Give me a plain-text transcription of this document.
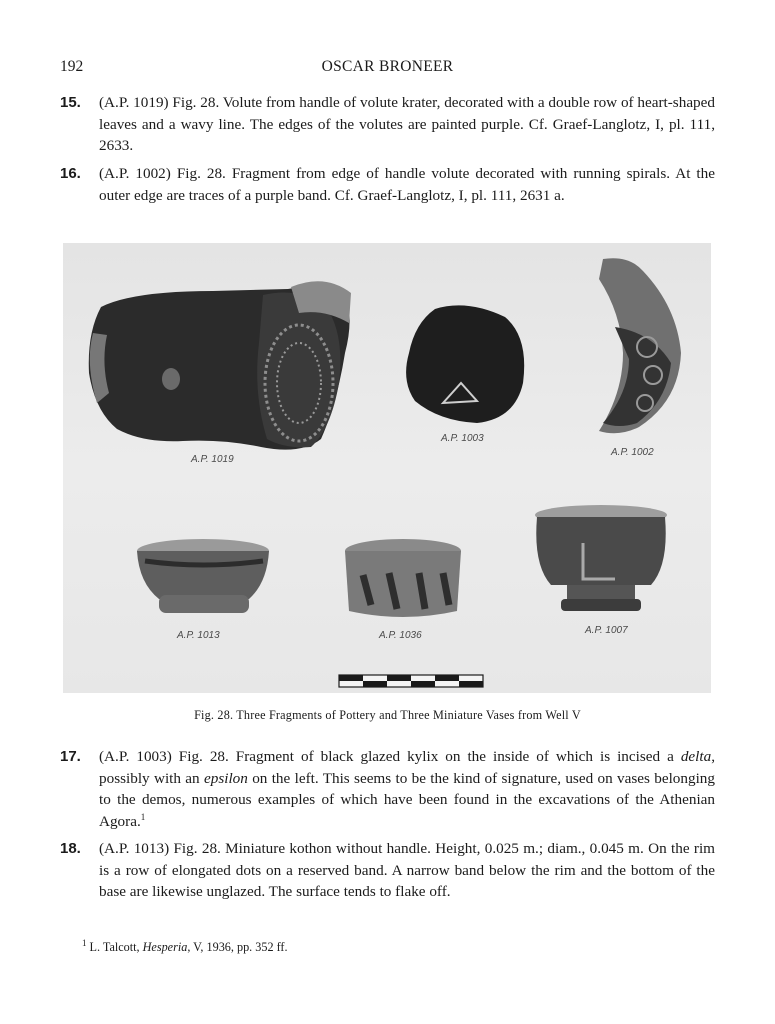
192	OSCAR BRONEER
15. (A.P. 1019) Fig. 28. Volute from handle of volute krater, decorated with a double row of heart-shaped leaves and a wavy line. The edges of the volutes are painted purple. Cf. Graef-Langlotz, I, pl. 111, 2633.
16. (A.P. 1002) Fig. 28. Fragment from edge of handle volute decorated with running spirals. At the outer edge are traces of a purple band. Cf. Graef-Langlotz, I, pl. 111, 2631 a.
A.P. 1019
A.P. 1003
A.P. 1002
A.P. 1013	A.P. 1036	A.P. 1007
Fig. 28. Three Fragments of Pottery and Three Miniature Vases from Well V
17. (A.P. 1003) Fig. 28. Fragment of black glazed kylix on the inside of which is incised a delta, possibly with an epsilon on the left. This seems to be the kind of signature, used on vases belonging to the demos, numerous examples of which have been found in the excavations of the Athenian Agora.$^1$
18. (A.P. 1013) Fig. 28. Miniature kothon without handle. Height, 0.025 m.; diam., 0.045 m. On the rim is a row of elongated dots on a reserved band. A narrow band below the rim and the bottom of the base are likewise unglazed. The surface tends to flake off.
$^1$ L. Talcott, Hesperia, V, 1936, pp. 352 ff.
